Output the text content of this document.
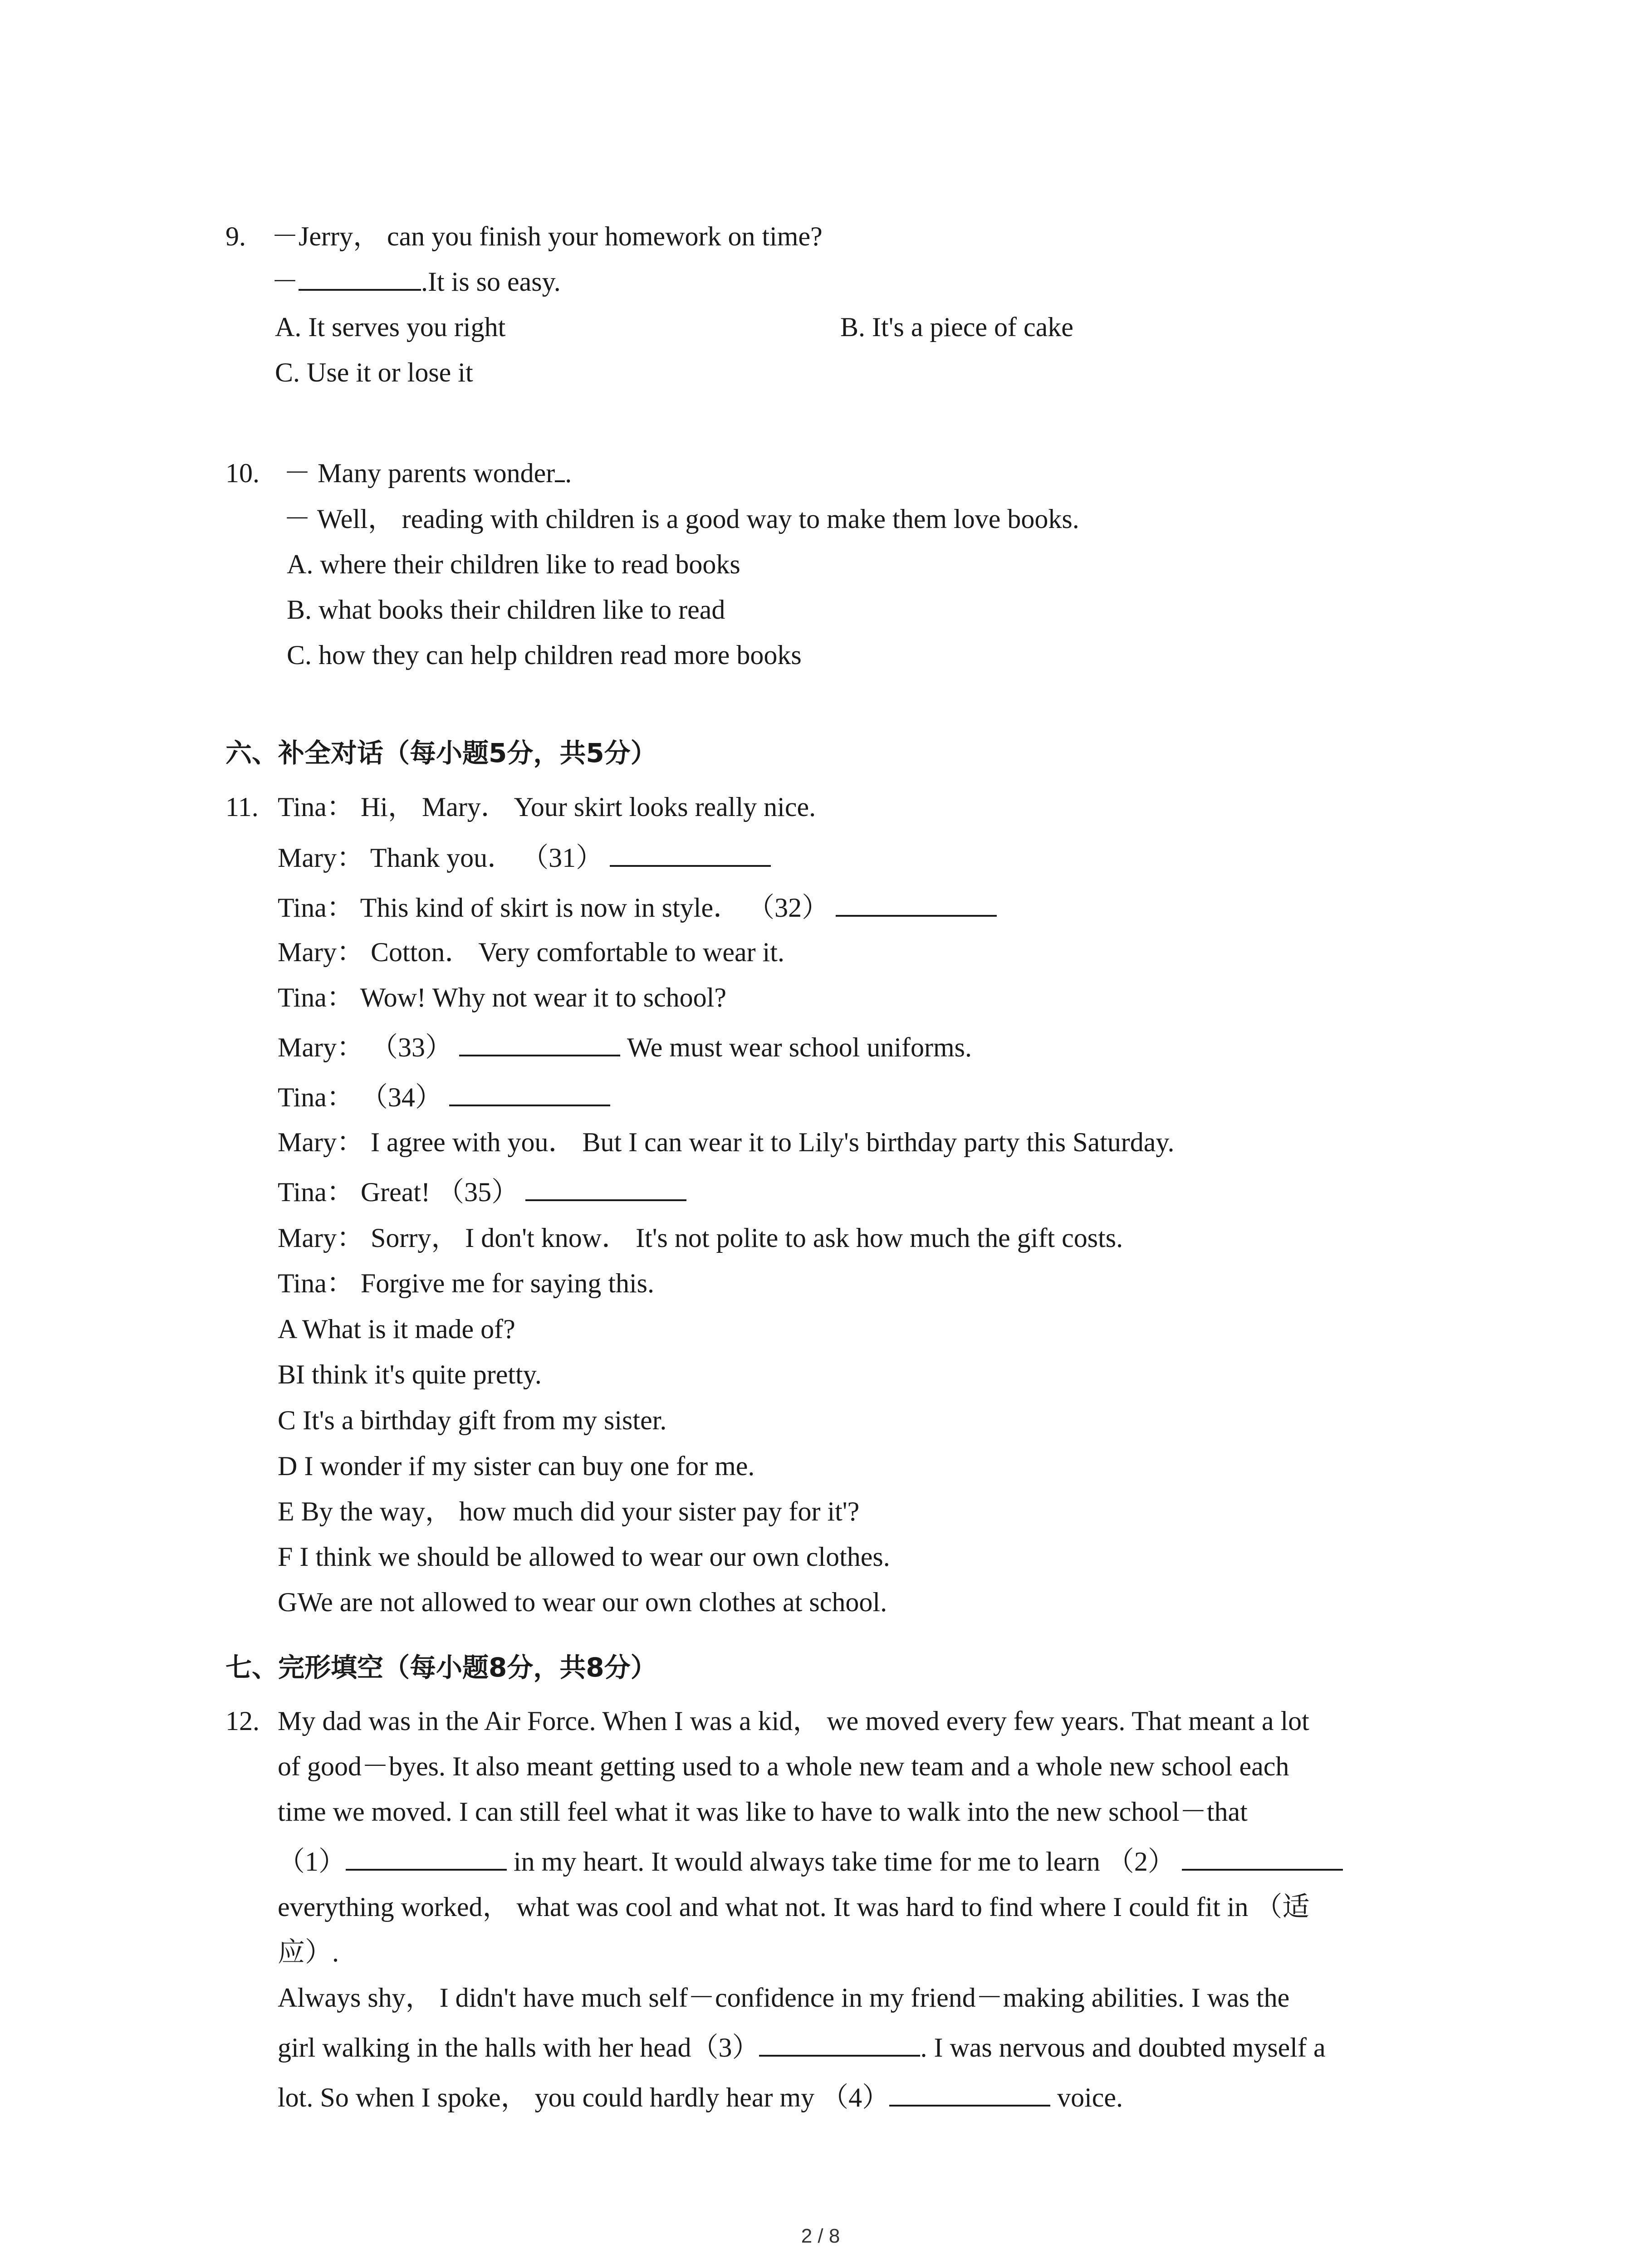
9. －Jerry， can you finish your homework on time?
－	.It is so easy.
A. It serves you right	B. It's a piece of cake
C. Use it or lose it
10. － Many parents wonder .
－ Well， reading with children is a good way to make them love books.
A. where their children like to read books
B. what books their children like to read
C. how they can help children read more books
六、补全对话（每小题5分，共5分）
11. Tina： Hi， Mary． Your skirt looks really nice.
Mary： Thank you． （31）
Tina： This kind of skirt is now in style． （32）
Mary： Cotton． Very comfortable to wear it.
Tina： Wow! Why not wear it to school?
Mary： （33）	We must wear school uniforms.
Tina： （34）
Mary： I agree with you． But I can wear it to Lily's birthday party this Saturday.
Tina： Great! （35）
Mary： Sorry， I don't know． It's not polite to ask how much the gift costs.
Tina： Forgive me for saying this.
A What is it made of?
BI think it's quite pretty.
C It's a birthday gift from my sister.
D I wonder if my sister can buy one for me.
E By the way， how much did your sister pay for it'?
F I think we should be allowed to wear our own clothes.
GWe are not allowed to wear our own clothes at school.
七、完形填空（每小题8分，共8分）
12. My dad was in the Air Force. When I was a kid， we moved every few years. That meant a lot
of good－byes. It also meant getting used to a whole new team and a whole new school each
time we moved. I can still feel what it was like to have to walk into the new school－that
（1）	in my heart. It would always take time for me to learn （2）
everything worked， what was cool and what not. It was hard to find where I could fit in （适
应）.
Always shy， I didn't have much self－confidence in my friend－making abilities. I was the
girl walking in the halls with her head（3）	. I was nervous and doubted myself a
lot. So when I spoke， you could hardly hear my （4）	voice.
2 / 8
